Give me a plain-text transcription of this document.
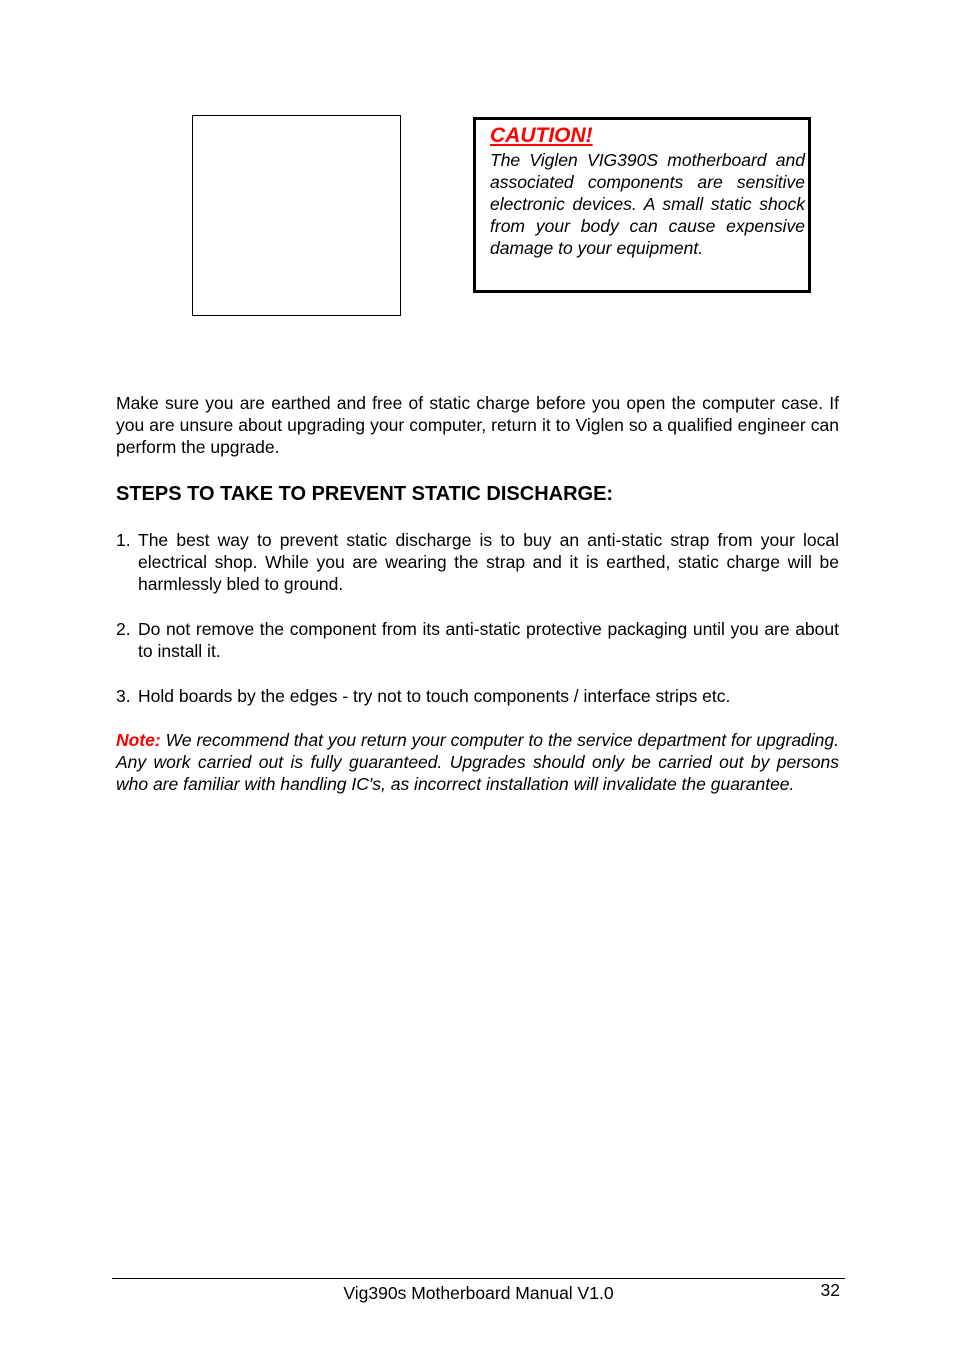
CAUTION!

The Viglen VIG390S motherboard and associated components are sensitive electronic devices. A small static shock from your body can cause expensive damage to your equipment.

Make sure you are earthed and free of static charge before you open the computer case. If you are unsure about upgrading your computer, return it to Viglen so a qualified engineer can perform the upgrade.

STEPS TO TAKE TO PREVENT STATIC DISCHARGE:

1. The best way to prevent static discharge is to buy an anti-static strap from your local electrical shop. While you are wearing the strap and it is earthed, static charge will be harmlessly bled to ground.
2. Do not remove the component from its anti-static protective packaging until you are about to install it.
3. Hold boards by the edges - try not to touch components / interface strips etc.

Note: We recommend that you return your computer to the service department for upgrading. Any work carried out is fully guaranteed. Upgrades should only be carried out by persons who are familiar with handling IC's, as incorrect installation will invalidate the guarantee.

Vig390s Motherboard Manual V1.0	32
